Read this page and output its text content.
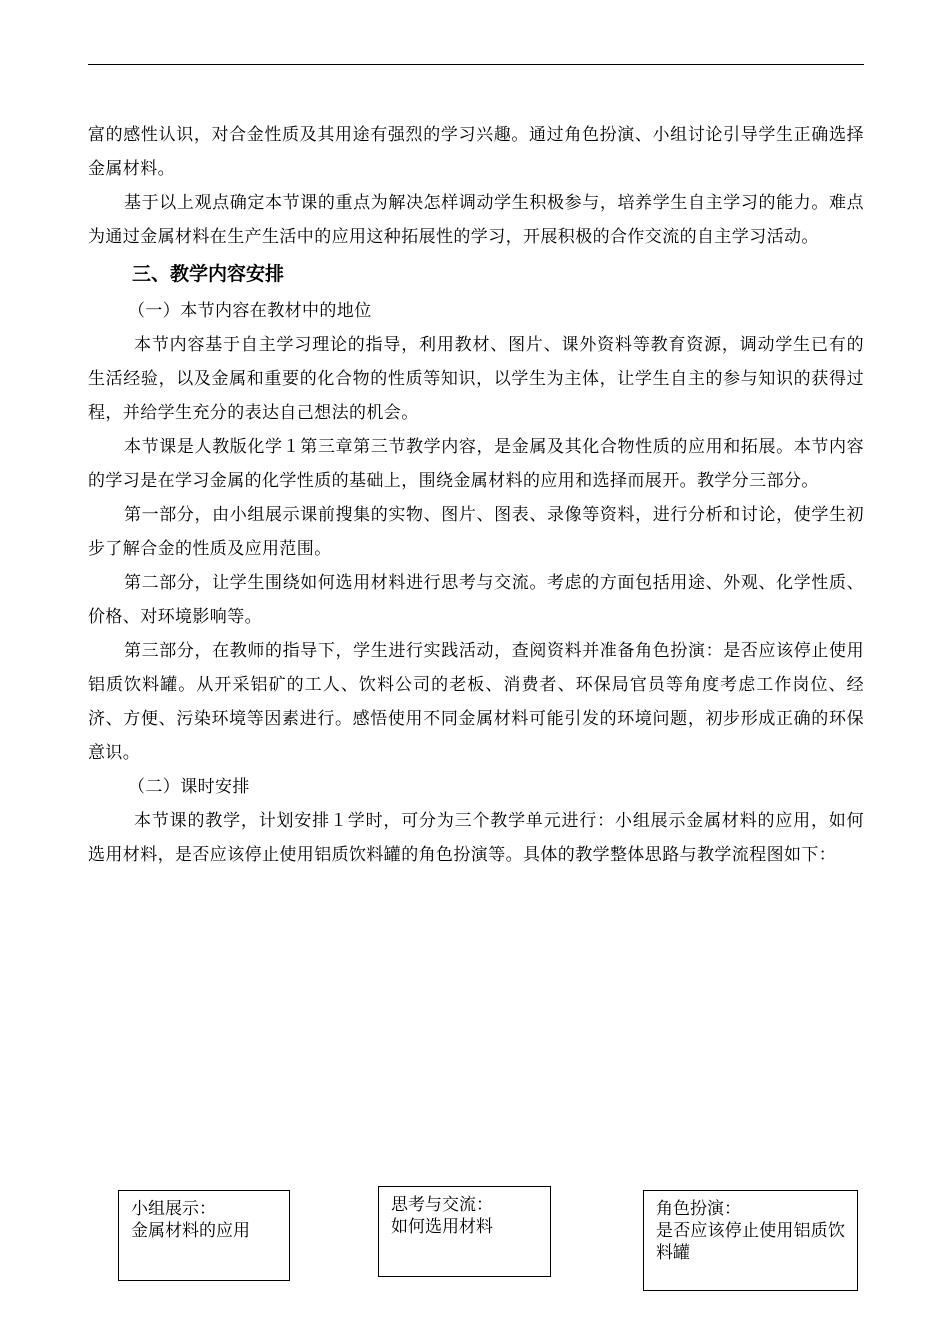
富的感性认识，对合金性质及其用途有强烈的学习兴趣。通过角色扮演、小组讨论引导学生正确选择金属材料。

基于以上观点确定本节课的重点为解决怎样调动学生积极参与，培养学生自主学习的能力。难点为通过金属材料在生产生活中的应用这种拓展性的学习，开展积极的合作交流的自主学习活动。

三、教学内容安排

（一）本节内容在教材中的地位

本节内容基于自主学习理论的指导，利用教材、图片、课外资料等教育资源，调动学生已有的生活经验，以及金属和重要的化合物的性质等知识，以学生为主体，让学生自主的参与知识的获得过程，并给学生充分的表达自己想法的机会。

本节课是人教版化学１第三章第三节教学内容，是金属及其化合物性质的应用和拓展。本节内容的学习是在学习金属的化学性质的基础上，围绕金属材料的应用和选择而展开。教学分三部分。

第一部分，由小组展示课前搜集的实物、图片、图表、录像等资料，进行分析和讨论，使学生初步了解合金的性质及应用范围。

第二部分，让学生围绕如何选用材料进行思考与交流。考虑的方面包括用途、外观、化学性质、价格、对环境影响等。

第三部分，在教师的指导下，学生进行实践活动，查阅资料并准备角色扮演：是否应该停止使用铝质饮料罐。从开采铝矿的工人、饮料公司的老板、消费者、环保局官员等角度考虑工作岗位、经济、方便、污染环境等因素进行。感悟使用不同金属材料可能引发的环境问题，初步形成正确的环保意识。

（二）课时安排

本节课的教学，计划安排１学时，可分为三个教学单元进行：小组展示金属材料的应用，如何选用材料，是否应该停止使用铝质饮料罐的角色扮演等。具体的教学整体思路与教学流程图如下：

小组展示：
金属材料的应用
思考与交流：
如何选用材料
角色扮演：
是否应该停止使用铝质饮料罐
